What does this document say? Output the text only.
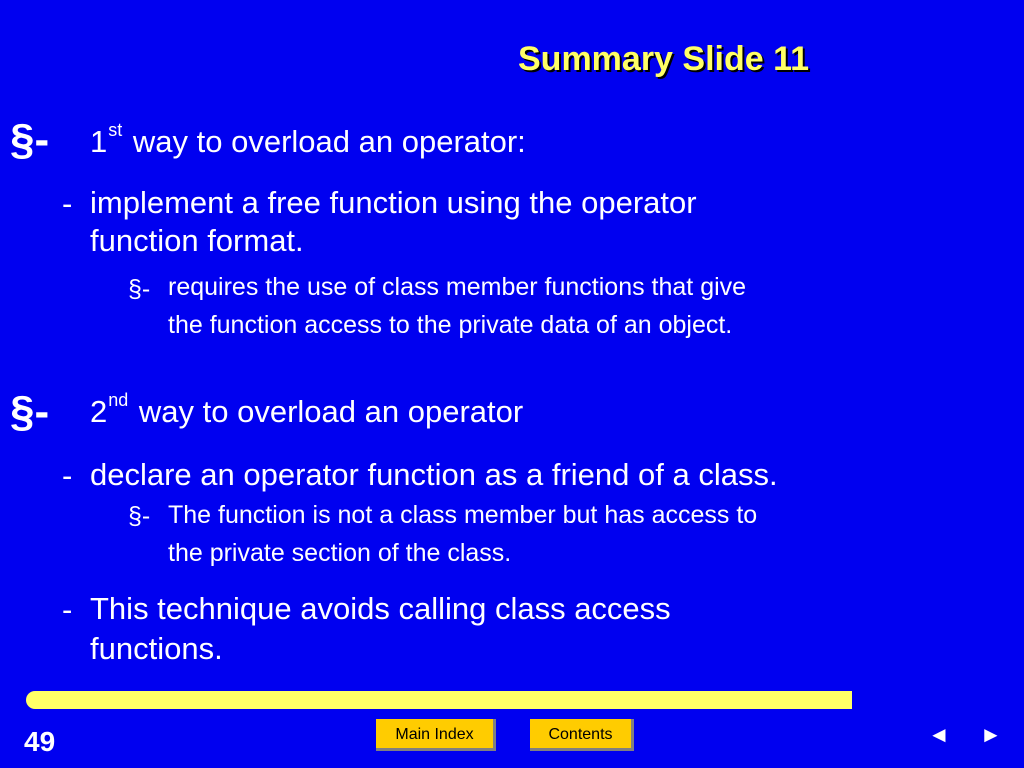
Summary Slide 11
§- 1st way to overload an operator:
- implement a free function using the operator
function format.
§- requires the use of class member functions that give
the function access to the private data of an object.
§- 2nd way to overload an operator
- declare an operator function as a friend of a class.
§- The function is not a class member but has access to
the private section of the class.
- This technique avoids calling class access
functions.
49	Main Index	Contents	◄ ►
